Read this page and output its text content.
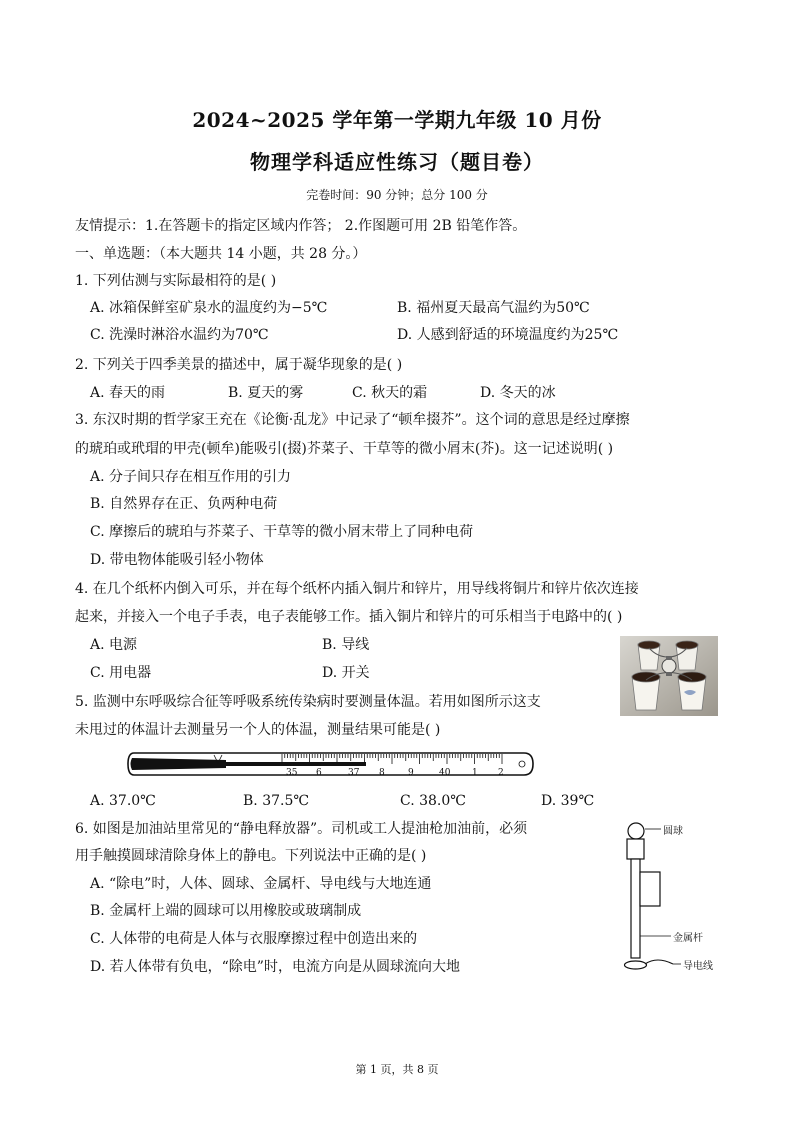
2024~2025 学年第一学期九年级 10 月份
物理学科适应性练习（题目卷）
完卷时间：90 分钟；总分 100 分
友情提示：1.在答题卡的指定区域内作答； 2.作图题可用 2B 铅笔作答。
一、单选题：（本大题共 14 小题，共 28 分。）
1. 下列估测与实际最相符的是( )
A. 冰箱保鲜室矿泉水的温度约为−5℃	B. 福州夏天最高气温约为50℃
C. 洗澡时淋浴水温约为70℃	D. 人感到舒适的环境温度约为25℃
2. 下列关于四季美景的描述中，属于凝华现象的是( )
A. 春天的雨	B. 夏天的雾	C. 秋天的霜	D. 冬天的冰
3. 东汉时期的哲学家王充在《论衡·乱龙》中记录了“顿牟掇芥”。这个词的意思是经过摩擦
的琥珀或玳瑁的甲壳(顿牟)能吸引(掇)芥菜子、干草等的微小屑末(芥)。这一记述说明( )
A. 分子间只存在相互作用的引力
B. 自然界存在正、负两种电荷
C. 摩擦后的琥珀与芥菜子、干草等的微小屑末带上了同种电荷
D. 带电物体能吸引轻小物体
4. 在几个纸杯内倒入可乐，并在每个纸杯内插入铜片和锌片，用导线将铜片和锌片依次连接
起来，并接入一个电子手表，电子表能够工作。插入铜片和锌片的可乐相当于电路中的( )
A. 电源	B. 导线
C. 用电器	D. 开关
5. 监测中东呼吸综合征等呼吸系统传染病时要测量体温。若用如图所示这支
未甩过的体温计去测量另一个人的体温，测量结果可能是( )
35 6	37 8	9	40 1 2
A. 37.0℃	B. 37.5℃	C. 38.0℃	D. 39℃
6. 如图是加油站里常见的“静电释放器”。司机或工人提油枪加油前，必须
用手触摸圆球清除身体上的静电。下列说法中正确的是( )
A. “除电”时，人体、圆球、金属杆、导电线与大地连通
B. 金属杆上端的圆球可以用橡胶或玻璃制成
C. 人体带的电荷是人体与衣服摩擦过程中创造出来的
D. 若人体带有负电，“除电”时，电流方向是从圆球流向大地
圆球
金属杆
导电线
第 1 页，共 8 页
